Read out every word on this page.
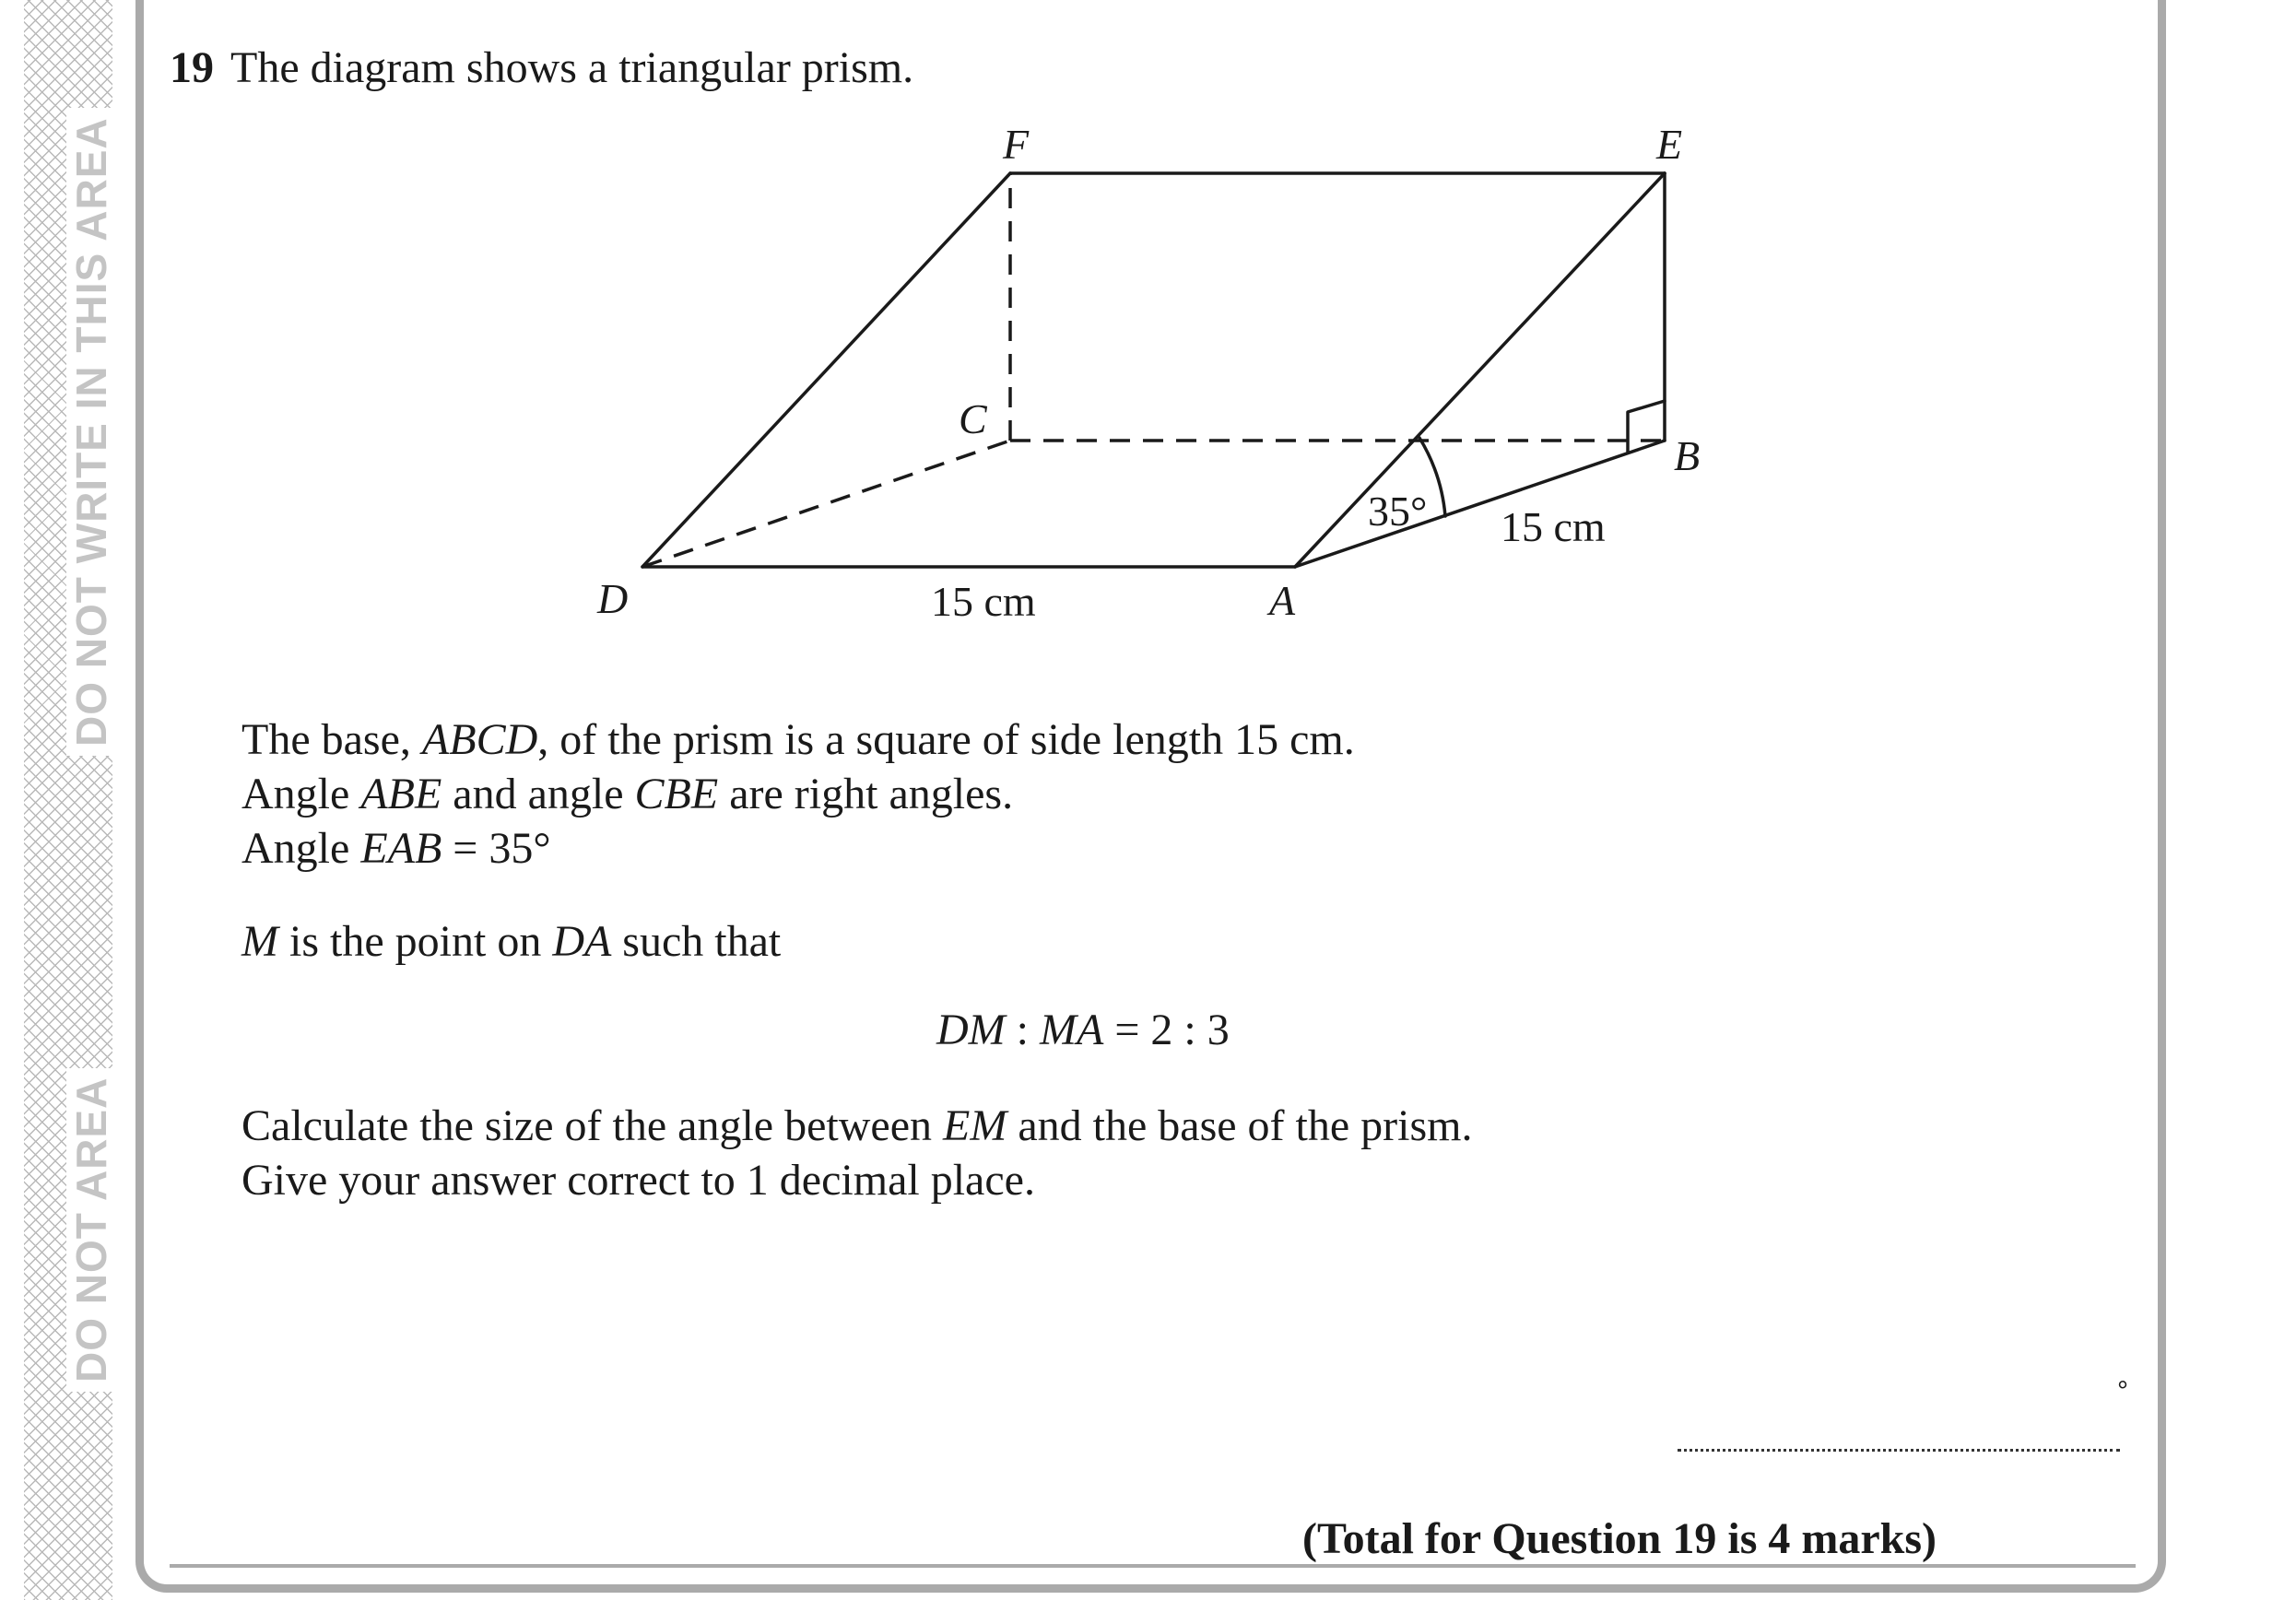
DO NOT WRITE IN THIS AREA
DO NOT AREA
19 The diagram shows a triangular prism.
F	E
C
B
D	A
15 cm
15 cm
35°
The base, ABCD, of the prism is a square of side length 15 cm.
Angle ABE and angle CBE are right angles.
Angle EAB = 35°
M is the point on DA such that
DM : MA = 2 : 3
Calculate the size of the angle between EM and the base of the prism.
Give your answer correct to 1 decimal place.
°
(Total for Question 19 is 4 marks)
